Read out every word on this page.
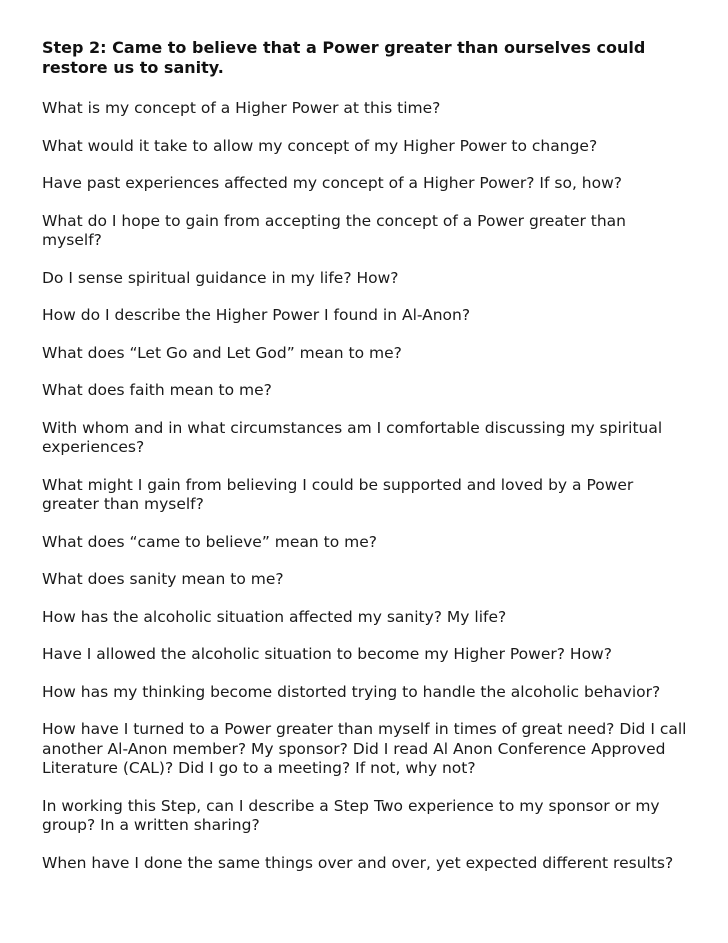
Step 2: Came to believe that a Power greater than ourselves could restore us to sanity.

What is my concept of a Higher Power at this time?

What would it take to allow my concept of my Higher Power to change?

Have past experiences affected my concept of a Higher Power? If so, how?

What do I hope to gain from accepting the concept of a Power greater than myself?

Do I sense spiritual guidance in my life? How?

How do I describe the Higher Power I found in Al-Anon?

What does “Let Go and Let God” mean to me?

What does faith mean to me?

With whom and in what circumstances am I comfortable discussing my spiritual experiences?

What might I gain from believing I could be supported and loved by a Power greater than myself?

What does “came to believe” mean to me?

What does sanity mean to me?

How has the alcoholic situation affected my sanity? My life?

Have I allowed the alcoholic situation to become my Higher Power? How?

How has my thinking become distorted trying to handle the alcoholic behavior?

How have I turned to a Power greater than myself in times of great need? Did I call another Al-Anon member? My sponsor? Did I read Al Anon Conference Approved Literature (CAL)? Did I go to a meeting? If not, why not?

In working this Step, can I describe a Step Two experience to my sponsor or my group? In a written sharing?

When have I done the same things over and over, yet expected different results?
